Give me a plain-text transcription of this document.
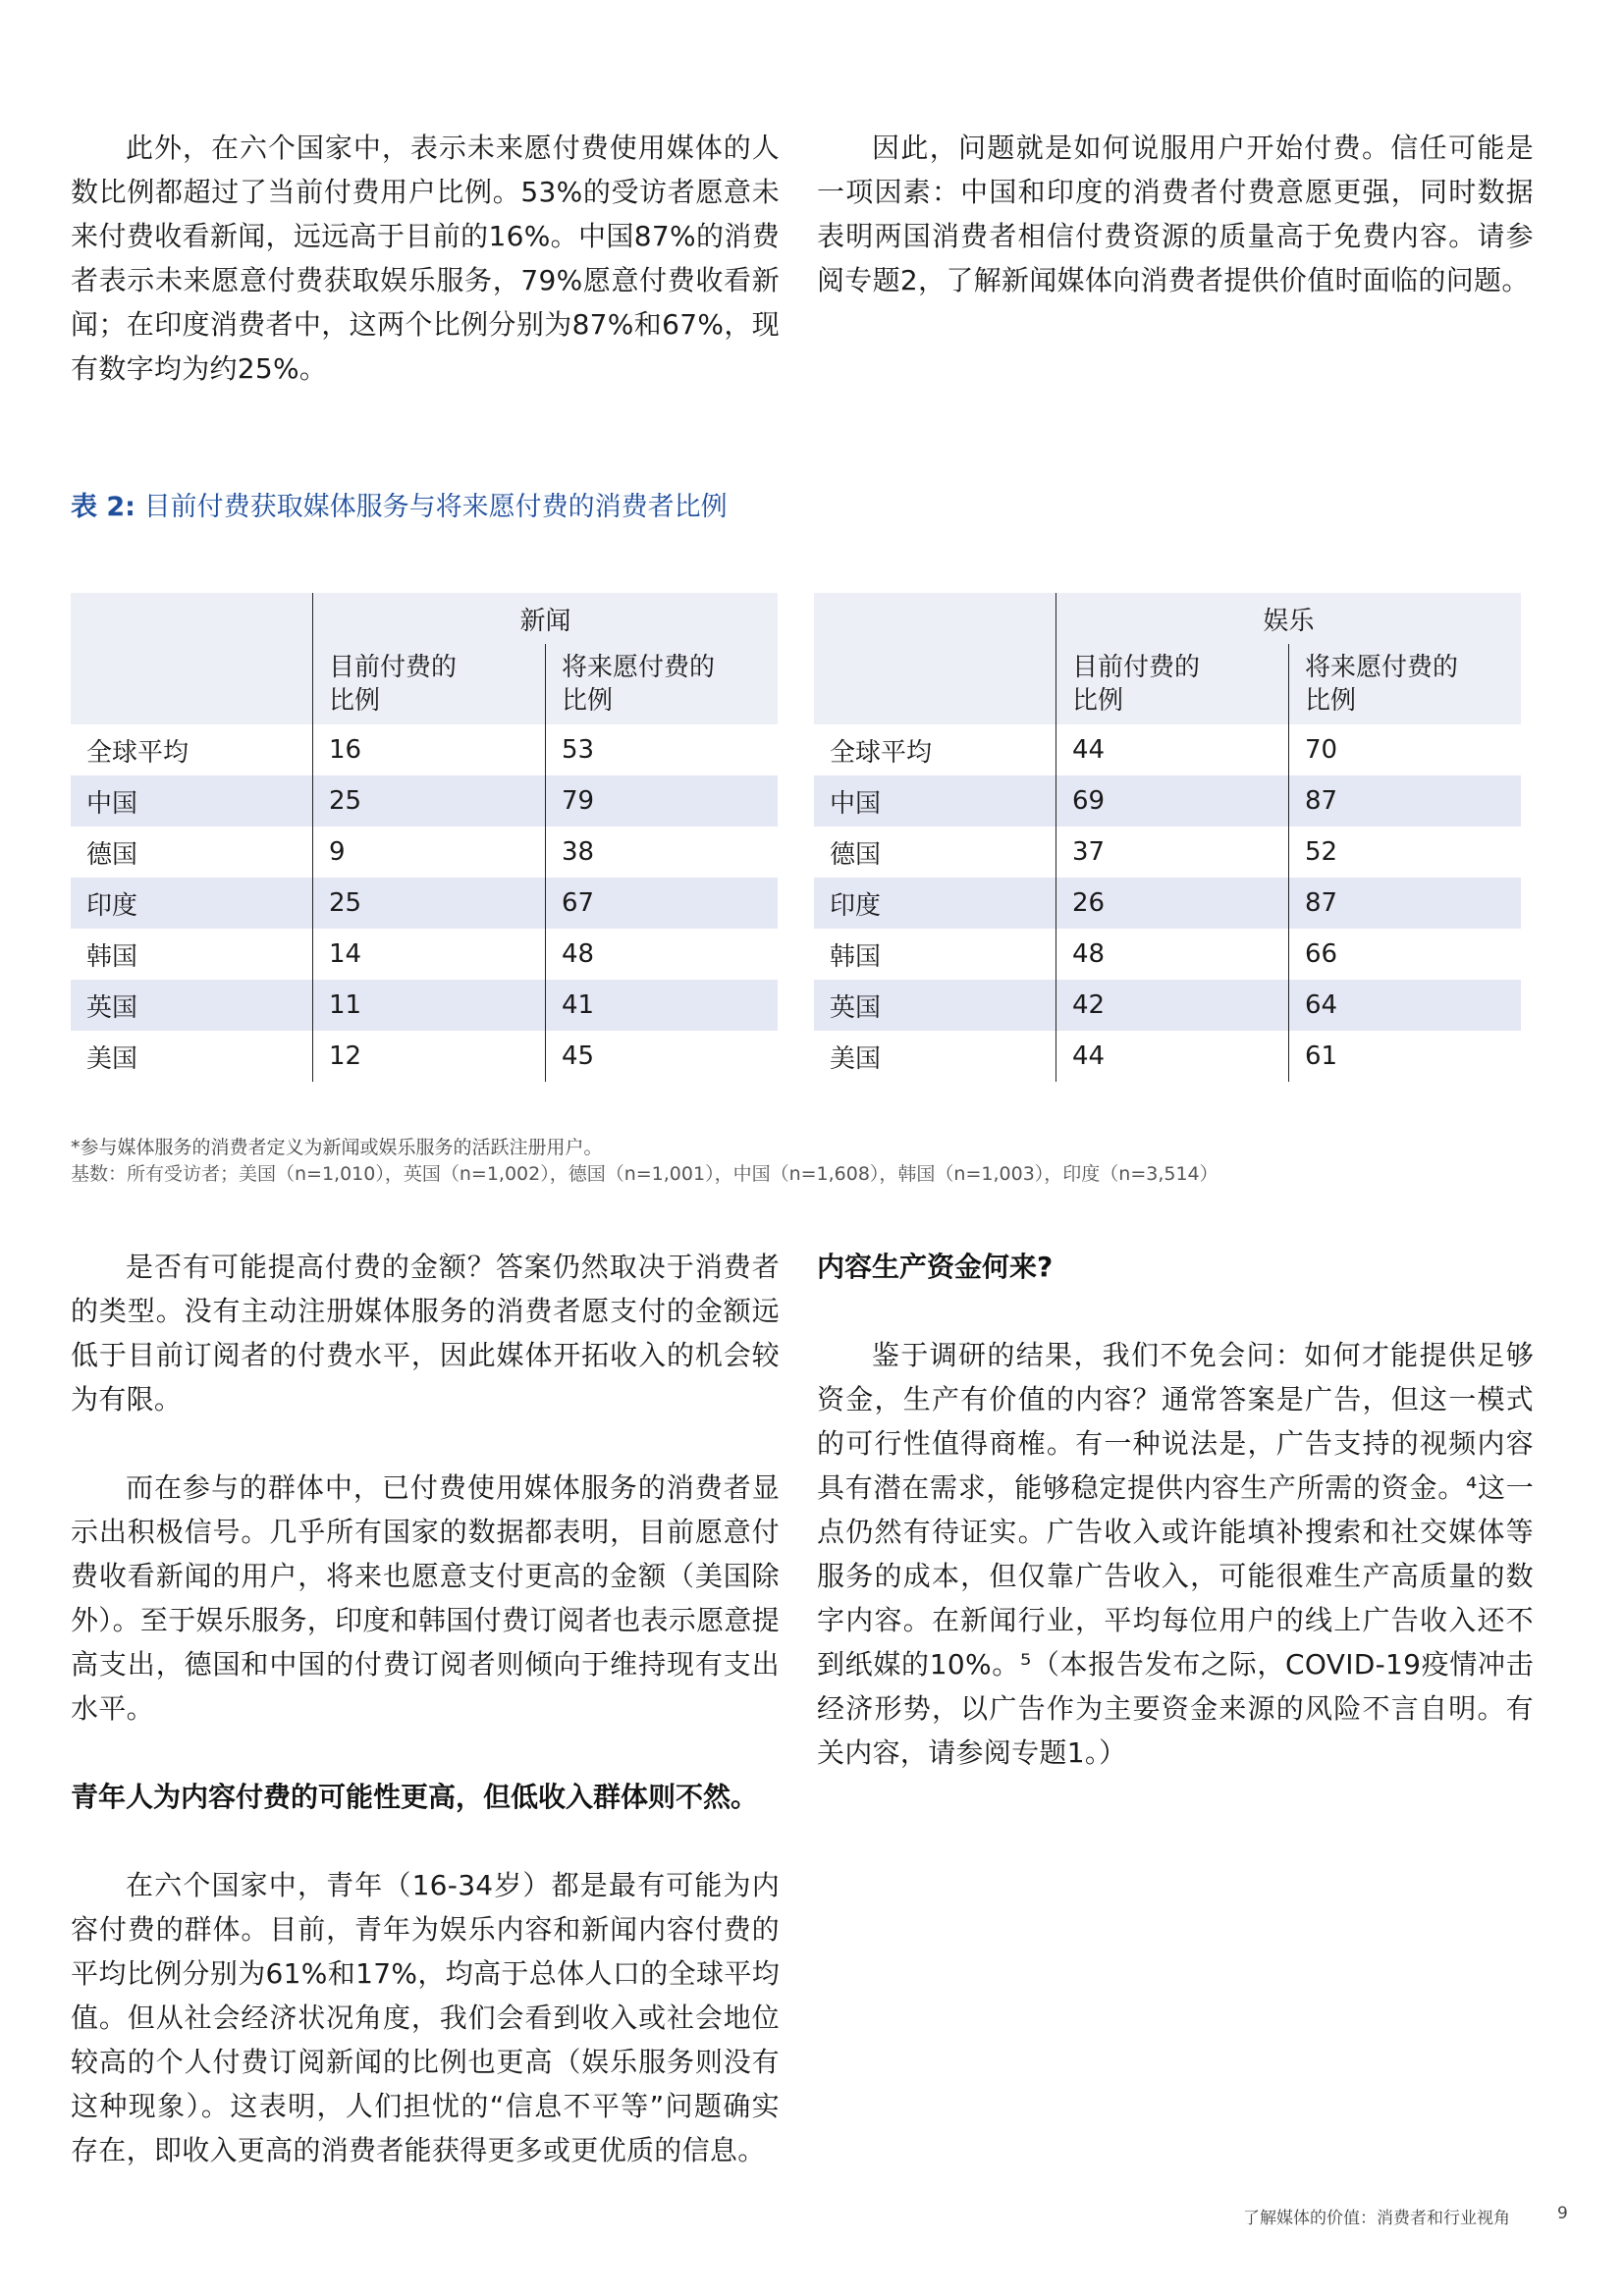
此外，在六个国家中，表示未来愿付费使用媒体的人数比例都超过了当前付费用户比例。53%的受访者愿意未来付费收看新闻，远远高于目前的16%。中国87%的消费者表示未来愿意付费获取娱乐服务，79%愿意付费收看新闻；在印度消费者中，这两个比例分别为87%和67%，现有数字均为约25%。

因此，问题就是如何说服用户开始付费。信任可能是一项因素：中国和印度的消费者付费意愿更强，同时数据表明两国消费者相信付费资源的质量高于免费内容。请参阅专题2，了解新闻媒体向消费者提供价值时面临的问题。

表 2: 目前付费获取媒体服务与将来愿付费的消费者比例
	新闻	
	目前付费的
比例	将来愿付费的
比例
全球平均	16	53
中国	25	79
德国	9	38
印度	25	67
韩国	14	48
英国	11	41
美国	12	45
	娱乐	
	目前付费的
比例	将来愿付费的
比例
全球平均	44	70
中国	69	87
德国	37	52
印度	26	87
韩国	48	66
英国	42	64
美国	44	61
*参与媒体服务的消费者定义为新闻或娱乐服务的活跃注册用户。
基数：所有受访者；美国（n=1,010），英国（n=1,002），德国（n=1,001），中国（n=1,608），韩国（n=1,003），印度（n=3,514）

是否有可能提高付费的金额？答案仍然取决于消费者的类型。没有主动注册媒体服务的消费者愿支付的金额远低于目前订阅者的付费水平，因此媒体开拓收入的机会较为有限。

而在参与的群体中，已付费使用媒体服务的消费者显示出积极信号。几乎所有国家的数据都表明，目前愿意付费收看新闻的用户，将来也愿意支付更高的金额（美国除外）。至于娱乐服务，印度和韩国付费订阅者也表示愿意提高支出，德国和中国的付费订阅者则倾向于维持现有支出水平。

青年人为内容付费的可能性更高，但低收入群体则不然。

在六个国家中，青年（16-34岁）都是最有可能为内容付费的群体。目前，青年为娱乐内容和新闻内容付费的平均比例分别为61%和17%，均高于总体人口的全球平均值。但从社会经济状况角度，我们会看到收入或社会地位较高的个人付费订阅新闻的比例也更高（娱乐服务则没有这种现象）。这表明，人们担忧的“信息不平等”问题确实存在，即收入更高的消费者能获得更多或更优质的信息。

内容生产资金何来?

鉴于调研的结果，我们不免会问：如何才能提供足够资金，生产有价值的内容？通常答案是广告，但这一模式的可行性值得商榷。有一种说法是，广告支持的视频内容具有潜在需求，能够稳定提供内容生产所需的资金。⁴这一点仍然有待证实。广告收入或许能填补搜索和社交媒体等服务的成本，但仅靠广告收入，可能很难生产高质量的数字内容。在新闻行业，平均每位用户的线上广告收入还不到纸媒的10%。⁵（本报告发布之际，COVID-19疫情冲击经济形势，以广告作为主要资金来源的风险不言自明。有关内容，请参阅专题1。）

了解媒体的价值：消费者和行业视角	9
